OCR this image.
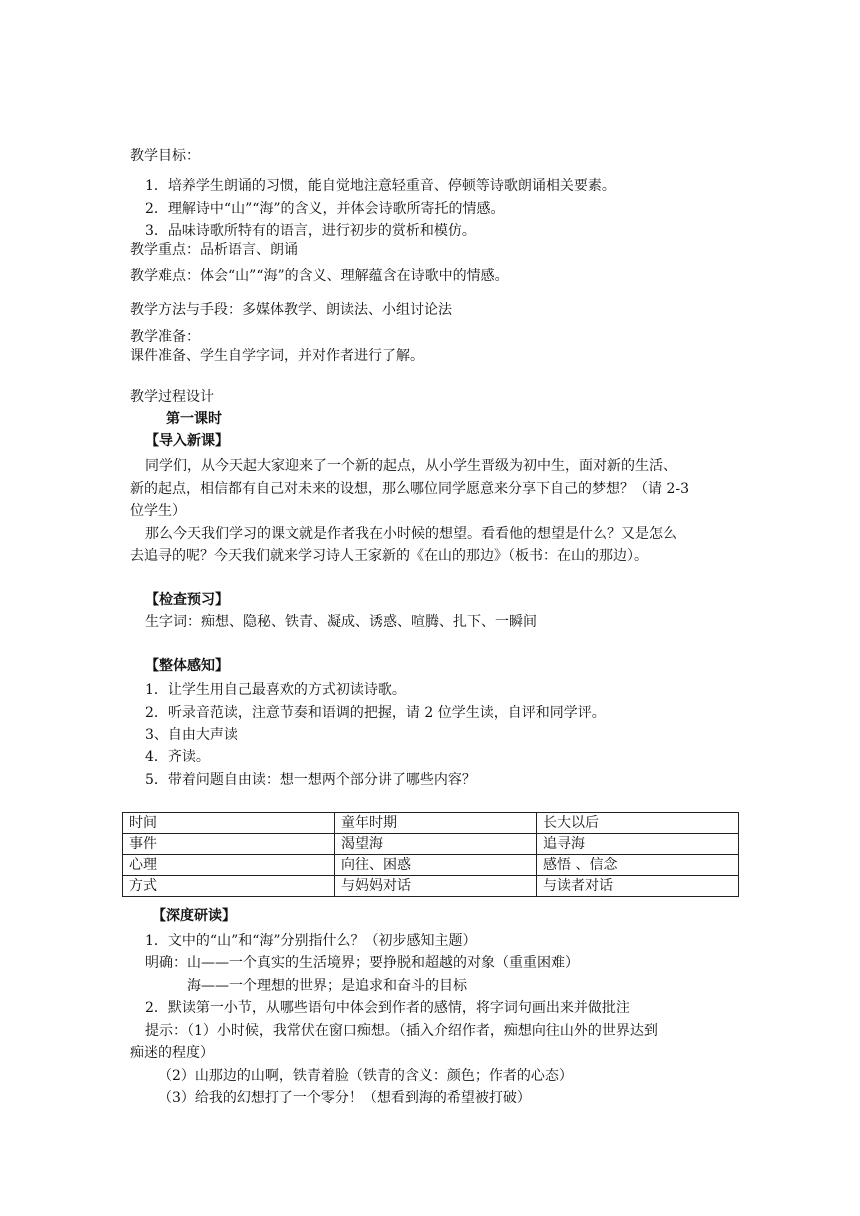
教学目标：
1．培养学生朗诵的习惯，能自觉地注意轻重音、停顿等诗歌朗诵相关要素。
2．理解诗中“山”“海”的含义，并体会诗歌所寄托的情感。
3．品味诗歌所特有的语言，进行初步的赏析和模仿。
教学重点：品析语言、朗诵
教学难点：体会“山”“海”的含义、理解蕴含在诗歌中的情感。
教学方法与手段：多媒体教学、朗读法、小组讨论法
教学准备：
课件准备、学生自学字词，并对作者进行了解。
教学过程设计
第一课时
【导入新课】
同学们，从今天起大家迎来了一个新的起点，从小学生晋级为初中生，面对新的生活、
新的起点，相信都有自己对未来的设想，那么哪位同学愿意来分享下自己的梦想？（请 2-3
位学生）
那么今天我们学习的课文就是作者我在小时候的想望。看看他的想望是什么？又是怎么
去追寻的呢？今天我们就来学习诗人王家新的《在山的那边》（板书：在山的那边）。
【检查预习】
生字词：痴想、隐秘、铁青、凝成、诱惑、喧腾、扎下、一瞬间
【整体感知】
1．让学生用自己最喜欢的方式初读诗歌。
2．听录音范读，注意节奏和语调的把握，请 2 位学生读，自评和同学评。
3、自由大声读
4．齐读。
5．带着问题自由读：想一想两个部分讲了哪些内容？
时间	童年时期	长大以后
事件	渴望海	追寻海
心理	向往、困惑	感悟 、信念
方式	与妈妈对话	与读者对话
【深度研读】
1．文中的“山”和“海”分别指什么？（初步感知主题）
明确：山——一个真实的生活境界；要挣脱和超越的对象（重重困难）
海——一个理想的世界；是追求和奋斗的目标
2．默读第一小节，从哪些语句中体会到作者的感情，将字词句画出来并做批注
提示：（1）小时候，我常伏在窗口痴想。（插入介绍作者，痴想向往山外的世界达到
痴迷的程度）
（2）山那边的山啊，铁青着脸（铁青的含义：颜色；作者的心态）
（3）给我的幻想打了一个零分！（想看到海的希望被打破）
